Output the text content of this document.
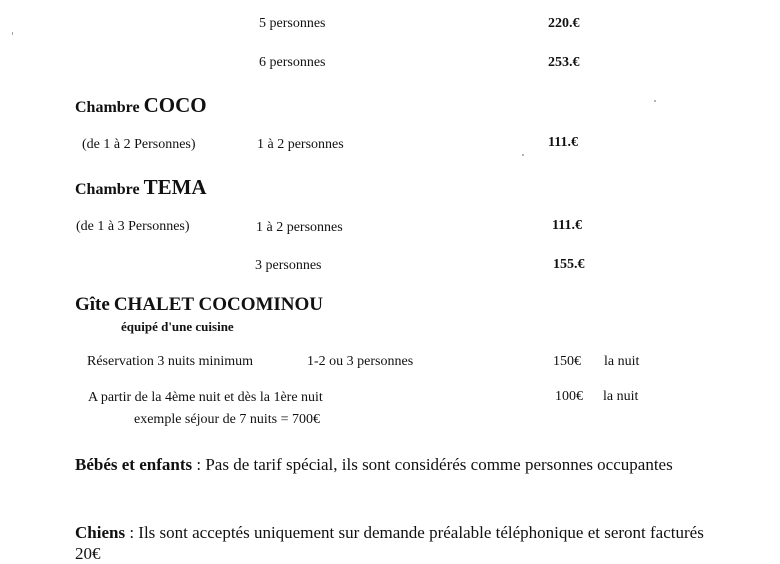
5 personnes	220.€
6 personnes	253.€
Chambre COCO
(de 1 à 2 Personnes)	1 à 2 personnes	111.€
Chambre TEMA
(de 1 à 3 Personnes)	1 à 2 personnes	111.€
3 personnes	155.€
Gîte CHALET COCOMINOU
équipé d'une cuisine
Réservation 3 nuits minimum	1-2 ou 3 personnes	150€ la nuit
A partir de la 4ème nuit et dès la 1ère nuit	100€ la nuit
exemple séjour de 7 nuits = 700€
Bébés et enfants : Pas de tarif spécial, ils sont considérés comme personnes occupantes
Chiens : Ils sont acceptés uniquement sur demande préalable téléphonique et seront facturés 20€
